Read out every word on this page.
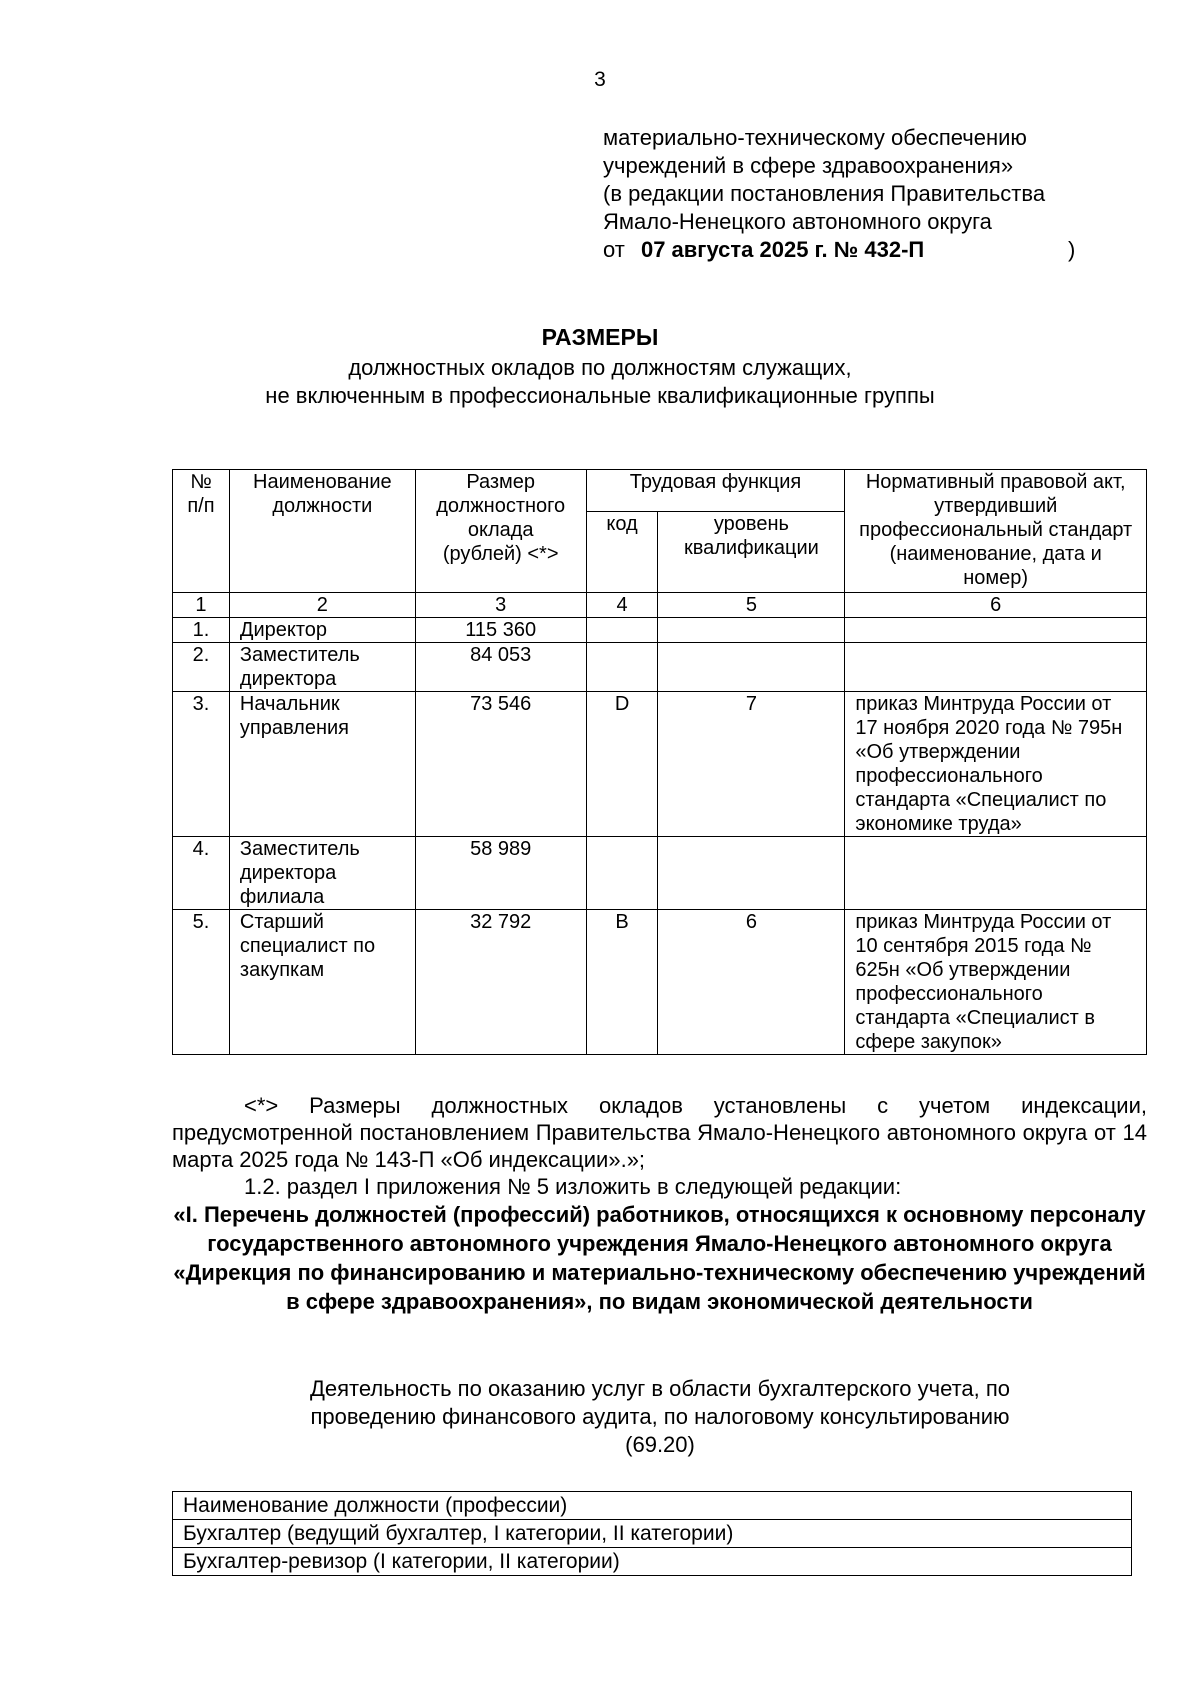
3
материально-техническому обеспечению
учреждений в сфере здравоохранения»
(в редакции постановления Правительства
Ямало-Ненецкого автономного округа
от 07 августа 2025 г. № 432-П	)
РАЗМЕРЫ
должностных окладов по должностям служащих,
не включенным в профессиональные квалификационные группы
№ п/п	Наименование должности	Размер должностного оклада (рублей) <*>	Трудовая функция		Нормативный правовой акт, утвердивший профессиональный стандарт (наименование, дата и номер)
			код	уровень квалификации	
1	2	3	4	5	6
1.	Директор	115 360			
2.	Заместитель директора	84 053			
3.	Начальник управления	73 546	D	7	приказ Минтруда России от 17 ноября 2020 года № 795н «Об утверждении профессионального стандарта «Специалист по экономике труда»
4.	Заместитель директора филиала	58 989			
5.	Старший специалист по закупкам	32 792	B	6	приказ Минтруда России от 10 сентября 2015 года № 625н «Об утверждении профессионального стандарта «Специалист в сфере закупок»

<*> Размеры должностных окладов установлены с учетом индексации, предусмотренной постановлением Правительства Ямало-Ненецкого автономного округа от 14 марта 2025 года № 143-П «Об индексации».»;

1.2. раздел I приложения № 5 изложить в следующей редакции:

«I. Перечень должностей (профессий) работников, относящихся к основному персоналу государственного автономного учреждения Ямало-Ненецкого автономного округа «Дирекция по финансированию и материально-техническому обеспечению учреждений в сфере здравоохранения», по видам экономической деятельности

Деятельность по оказанию услуг в области бухгалтерского учета, по проведению финансового аудита, по налоговому консультированию (69.20)
Наименование должности (профессии)
Бухгалтер (ведущий бухгалтер, I категории, II категории)
Бухгалтер-ревизор (I категории, II категории)
